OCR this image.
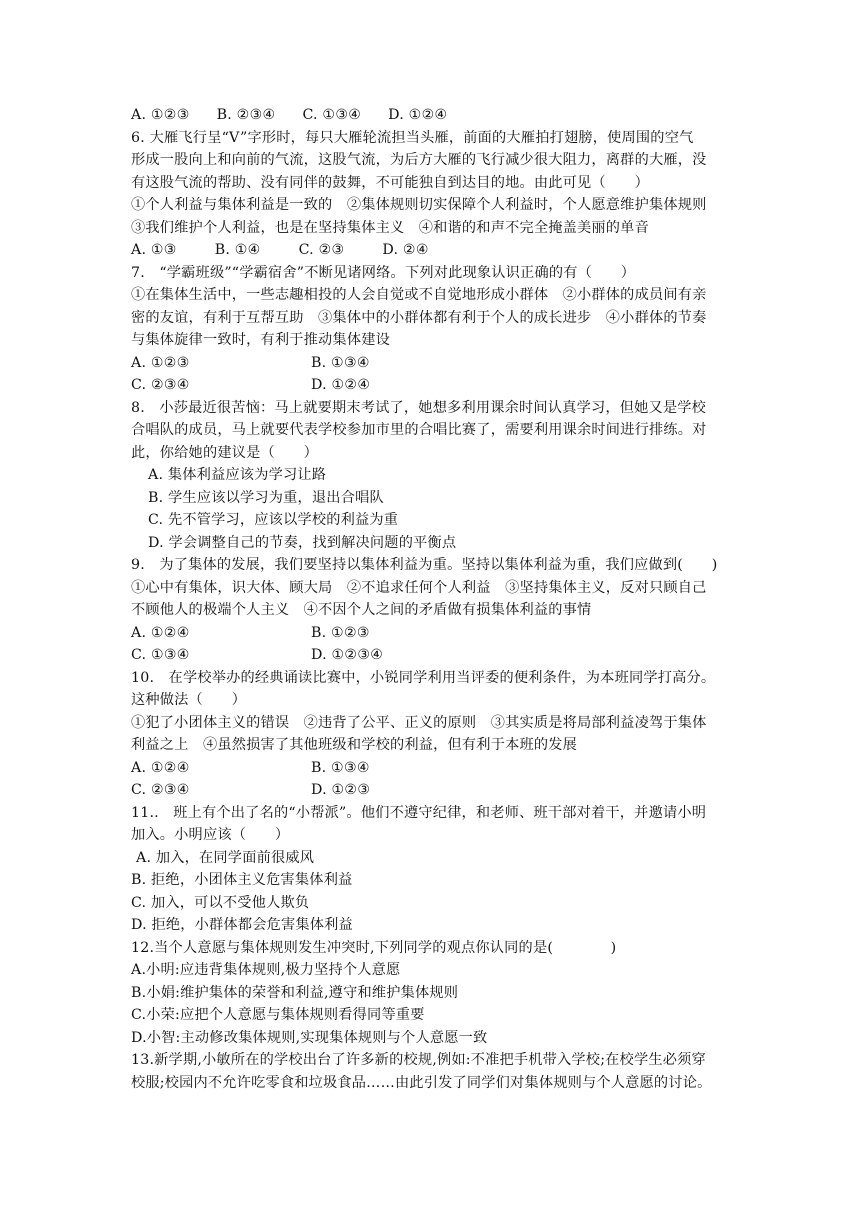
A. ①②③ B. ②③④ C. ①③④ D. ①②④
6. 大雁飞行呈“V”字形时，每只大雁轮流担当头雁，前面的大雁拍打翅膀，使周围的空气
形成一股向上和向前的气流，这股气流，为后方大雁的飞行减少很大阻力，离群的大雁，没
有这股气流的帮助、没有同伴的鼓舞，不可能独自到达目的地。由此可见（　　）
①个人利益与集体利益是一致的　②集体规则切实保障个人利益时，个人愿意维护集体规则
③我们维护个人利益，也是在坚持集体主义　④和谐的和声不完全掩盖美丽的单音
A. ①③	B. ①④	C. ②③	D. ②④
7.　“学霸班级”“学霸宿舍”不断见诸网络。下列对此现象认识正确的有（　　）
①在集体生活中，一些志趣相投的人会自觉或不自觉地形成小群体　②小群体的成员间有亲
密的友谊，有利于互帮互助　③集体中的小群体都有利于个人的成长进步　④小群体的节奏
与集体旋律一致时，有利于推动集体建设
A. ①②③	B. ①③④
C. ②③④	D. ①②④
8.　小莎最近很苦恼：马上就要期末考试了，她想多利用课余时间认真学习，但她又是学校
合唱队的成员，马上就要代表学校参加市里的合唱比赛了，需要利用课余时间进行排练。对
此，你给她的建议是（　　）
A. 集体利益应该为学习让路
B. 学生应该以学习为重，退出合唱队
C. 先不管学习，应该以学校的利益为重
D. 学会调整自己的节奏，找到解决问题的平衡点
9.　为了集体的发展，我们要坚持以集体利益为重。坚持以集体利益为重，我们应做到(　　)
①心中有集体，识大体、顾大局　②不追求任何个人利益　③坚持集体主义，反对只顾自己
不顾他人的极端个人主义　④不因个人之间的矛盾做有损集体利益的事情
A. ①②④	B. ①②③
C. ①③④	D. ①②③④
10.　在学校举办的经典诵读比赛中，小锐同学利用当评委的便利条件，为本班同学打高分。
这种做法（　　）
①犯了小团体主义的错误　②违背了公平、正义的原则　③其实质是将局部利益凌驾于集体
利益之上　④虽然损害了其他班级和学校的利益，但有利于本班的发展
A. ①②④	B. ①③④
C. ②③④	D. ①②③
11..　班上有个出了名的“小帮派”。他们不遵守纪律，和老师、班干部对着干，并邀请小明
加入。小明应该（　　）
A. 加入，在同学面前很威风
B. 拒绝，小团体主义危害集体利益
C. 加入，可以不受他人欺负
D. 拒绝，小群体都会危害集体利益
12.当个人意愿与集体规则发生冲突时,下列同学的观点你认同的是(　　　　)
A.小明:应违背集体规则,极力坚持个人意愿
B.小娟:维护集体的荣誉和利益,遵守和维护集体规则
C.小荣:应把个人意愿与集体规则看得同等重要
D.小智:主动修改集体规则,实现集体规则与个人意愿一致
13.新学期,小敏所在的学校出台了许多新的校规,例如:不准把手机带入学校;在校学生必须穿
校服;校园内不允许吃零食和垃圾食品……由此引发了同学们对集体规则与个人意愿的讨论。
